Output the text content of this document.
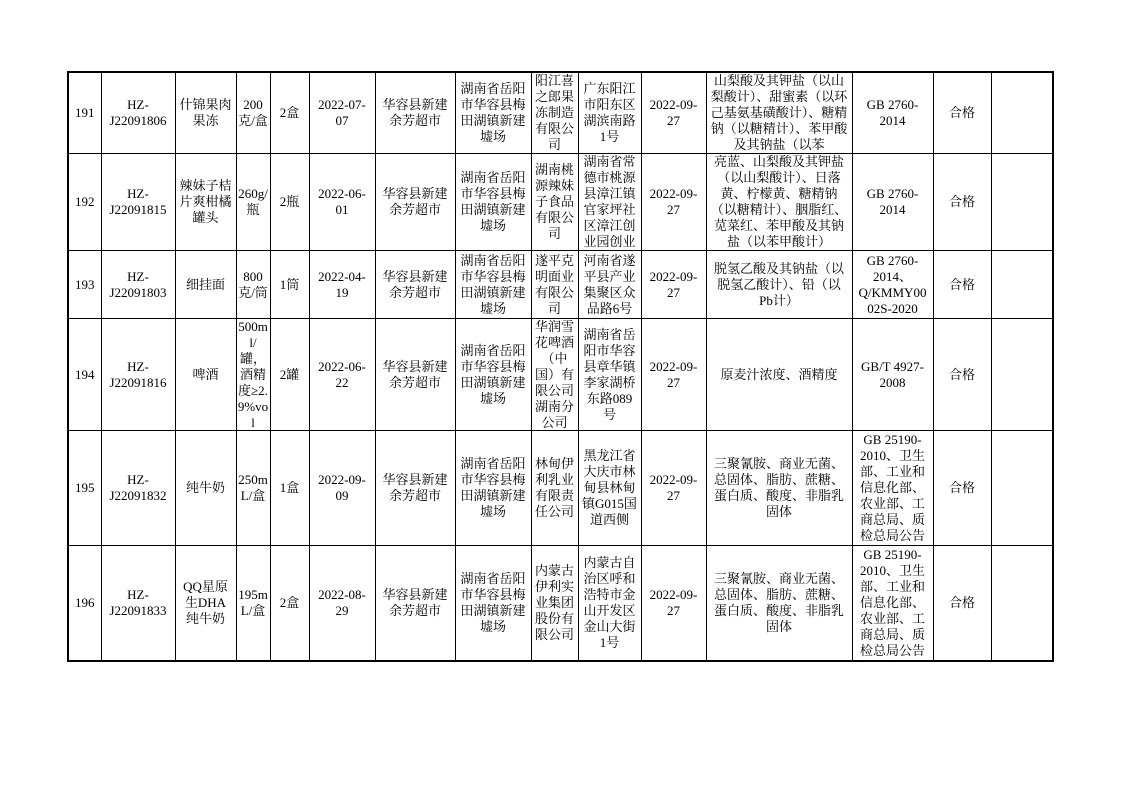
191	HZ-J22091806	什锦果肉果冻	200克/盒	2盒	2022-07-07	华容县新建余芳超市	湖南省岳阳市华容县梅田湖镇新建墟场	阳江喜之郎果冻制造有限公司	广东阳江市阳东区湖滨南路1号	2022-09-27	山梨酸及其钾盐（以山梨酸计）、甜蜜素（以环己基氨基磺酸计）、糖精钠（以糖精计）、苯甲酸及其钠盐（以苯	GB 2760-2014	合格	

192	HZ-J22091815	辣妹子桔片爽柑橘罐头	260g/瓶	2瓶	2022-06-01	华容县新建余芳超市	湖南省岳阳市华容县梅田湖镇新建墟场	湖南桃源辣妹子食品有限公司	湖南省常德市桃源县漳江镇官家坪社区漳江创业园创业	2022-09-27	亮蓝、山梨酸及其钾盐（以山梨酸计）、日落黄、柠檬黄、糖精钠（以糖精计）、胭脂红、苋菜红、苯甲酸及其钠盐（以苯甲酸计）	GB 2760-2014	合格	

193	HZ-J22091803	细挂面	800克/筒	1筒	2022-04-19	华容县新建余芳超市	湖南省岳阳市华容县梅田湖镇新建墟场	遂平克明面业有限公司	河南省遂平县产业集聚区众品路6号	2022-09-27	脱氢乙酸及其钠盐（以脱氢乙酸计）、铅（以Pb计）	GB 2760-2014、Q/KMMY0002S-2020	合格	

194	HZ-J22091816	啤酒	500ml/罐，酒精度≥2.9%vol	2罐	2022-06-22	华容县新建余芳超市	湖南省岳阳市华容县梅田湖镇新建墟场	华润雪花啤酒（中国）有限公司湖南分公司	湖南省岳阳市华容县章华镇李家湖桥东路089号	2022-09-27	原麦汁浓度、酒精度	GB/T 4927-2008	合格	

195	HZ-J22091832	纯牛奶	250mL/盒	1盒	2022-09-09	华容县新建余芳超市	湖南省岳阳市华容县梅田湖镇新建墟场	林甸伊利乳业有限责任公司	黑龙江省大庆市林甸县林甸镇G015国道西侧	2022-09-27	三聚氰胺、商业无菌、总固体、脂肪、蔗糖、蛋白质、酸度、非脂乳固体	GB 25190-2010、卫生部、工业和信息化部、农业部、工商总局、质检总局公告	合格	

196	HZ-J22091833	QQ星原生DHA纯牛奶	195mL/盒	2盒	2022-08-29	华容县新建余芳超市	湖南省岳阳市华容县梅田湖镇新建墟场	内蒙古伊利实业集团股份有限公司	内蒙古自治区呼和浩特市金山开发区金山大街1号	2022-09-27	三聚氰胺、商业无菌、总固体、脂肪、蔗糖、蛋白质、酸度、非脂乳固体	GB 25190-2010、卫生部、工业和信息化部、农业部、工商总局、质检总局公告	合格	
